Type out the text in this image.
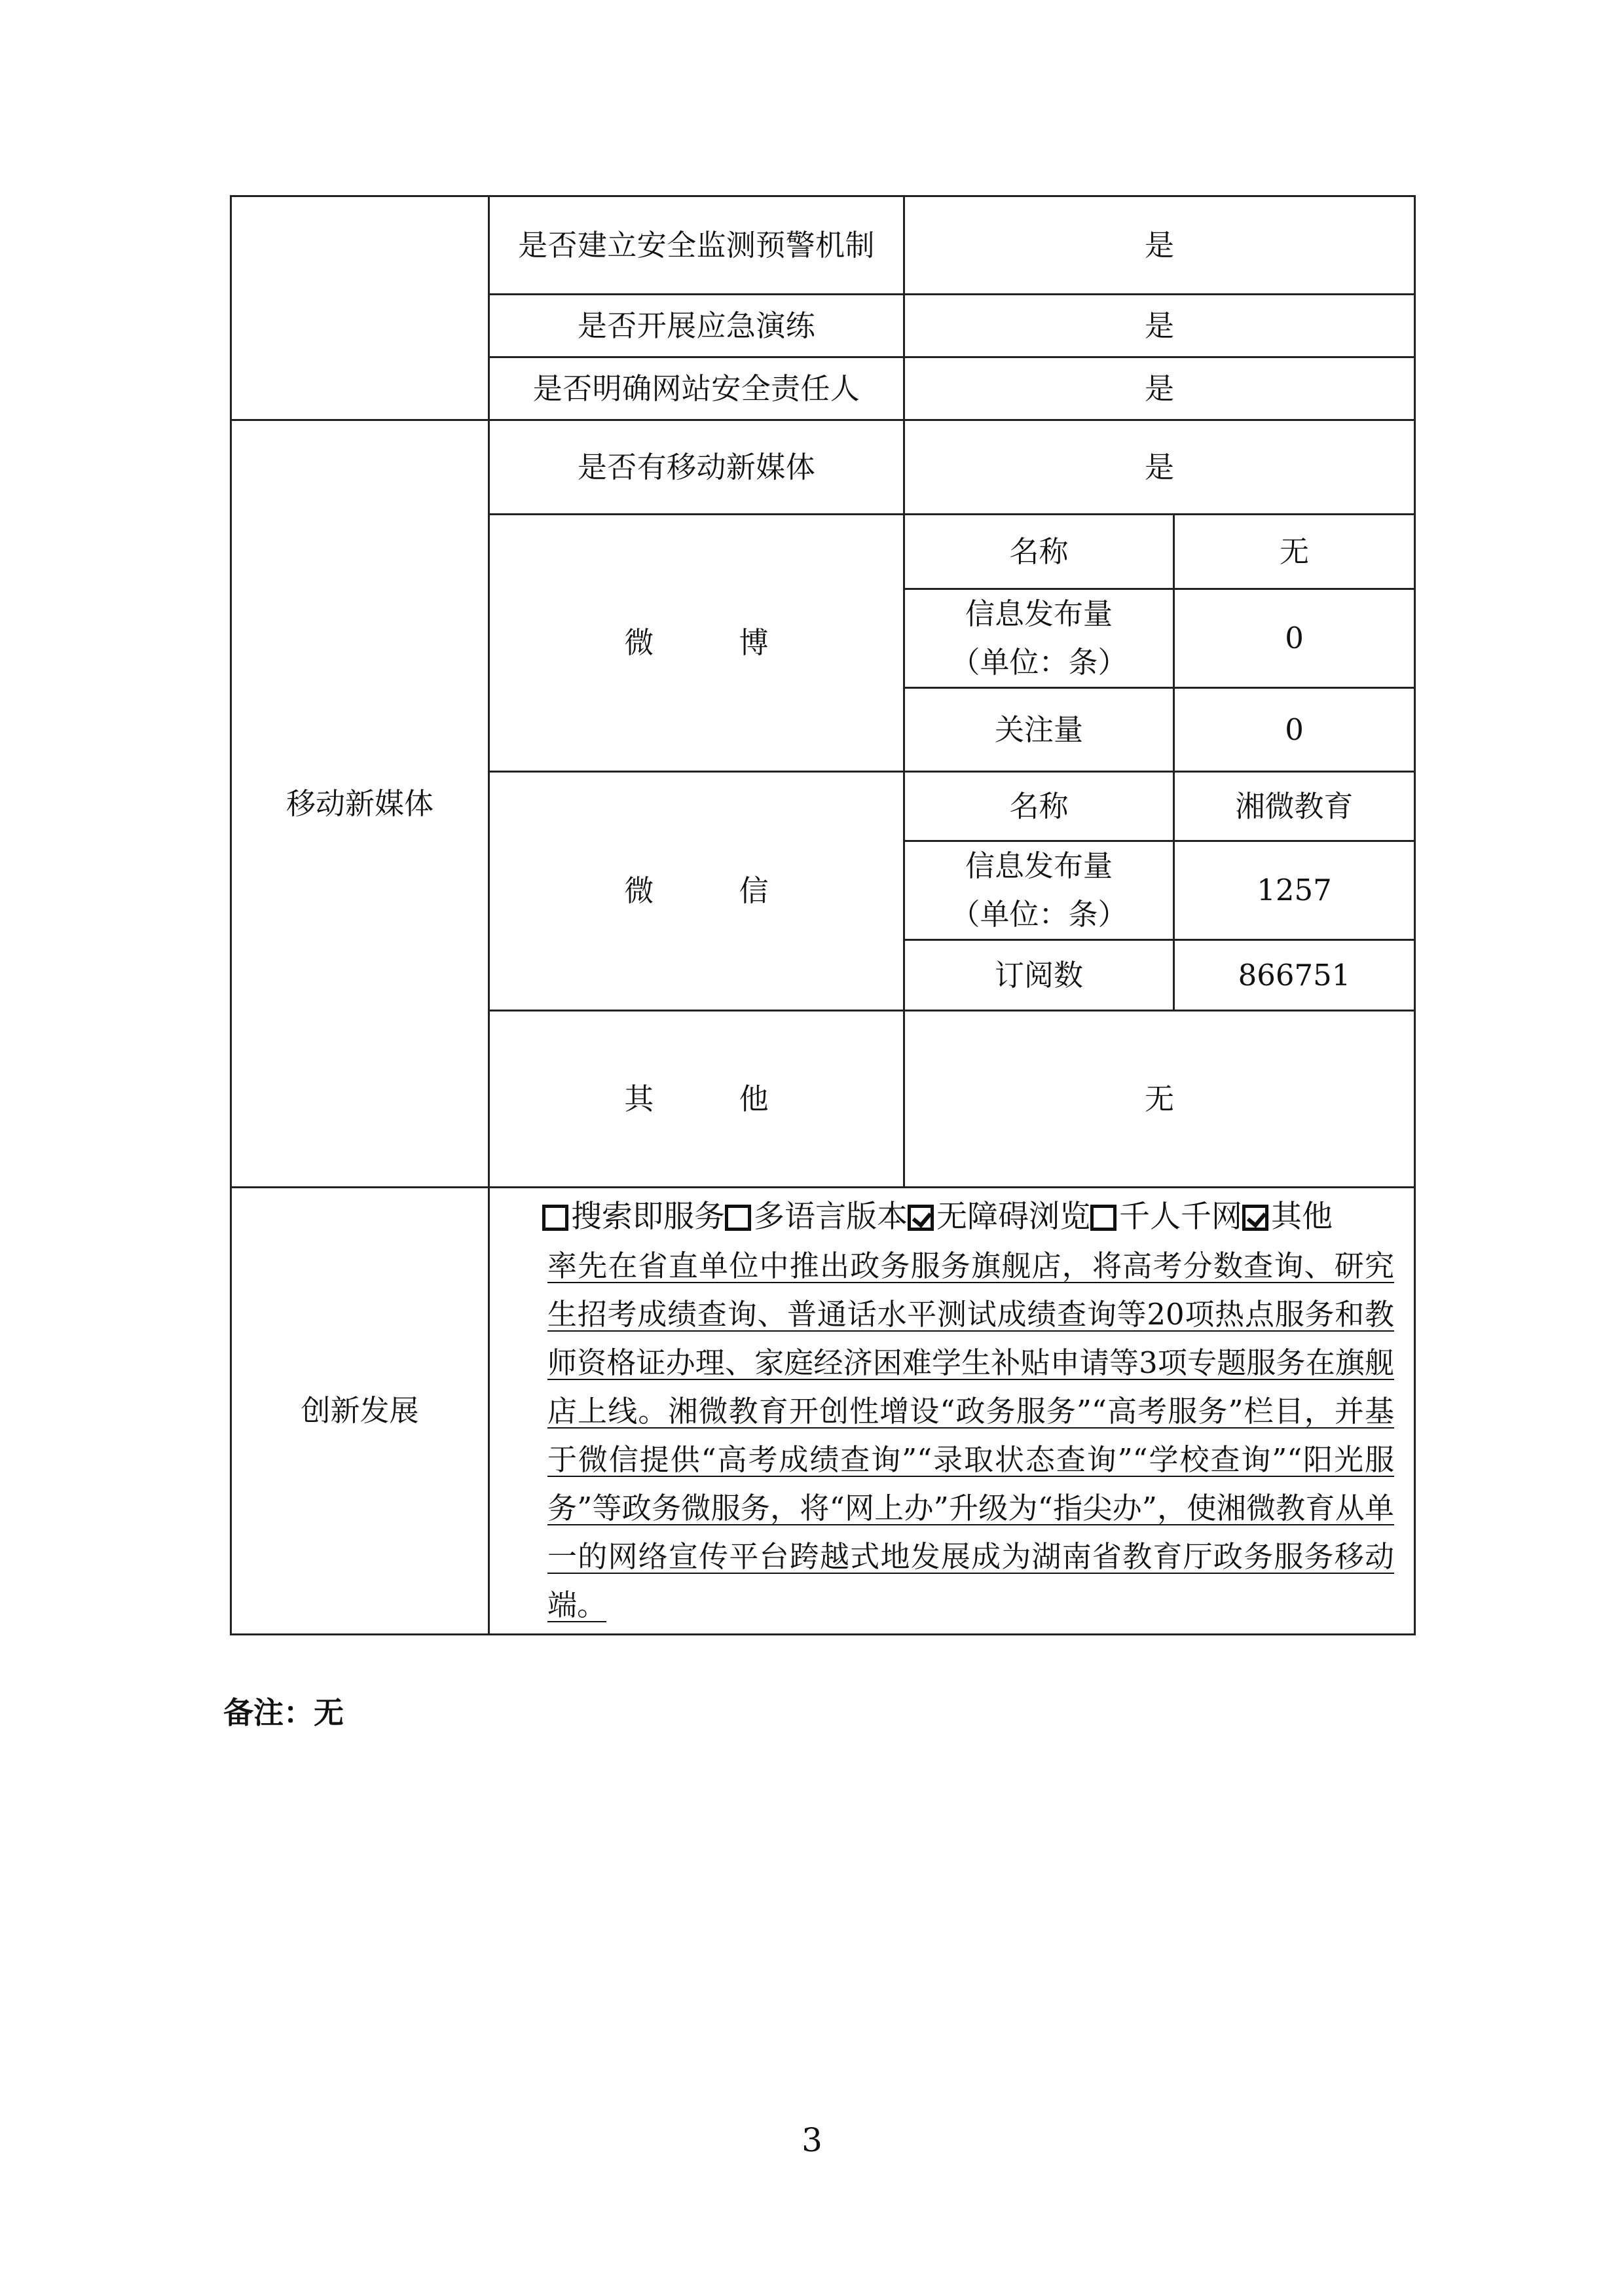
	是否建立安全监测预警机制	是	
	是否开展应急演练	是	
	是否明确网站安全责任人	是	
移动新媒体	是否有移动新媒体	是	
	微 博	名称	无

		信息发布量
（单位：条）	0
		关注量	0
	微 信	名称	湘微教育

		信息发布量
（单位：条）	1257
		订阅数	866751
	其 他	无	
创新发展	搜索即服务 多语言版本 无障碍浏览 千人千网 其他
率先在省直单位中推出政务服务旗舰店，将高考分数查询、研究生招考成绩查询、普通话水平测试成绩查询等20项热点服务和教师资格证办理、家庭经济困难学生补贴申请等3项专题服务在旗舰店上线。湘微教育开创性增设“政务服务”“高考服务”栏目，并基于微信提供“高考成绩查询”“录取状态查询”“学校查询”“阳光服务”等政务微服务，将“网上办”升级为“指尖办”，使湘微教育从单一的网络宣传平台跨越式地发展成为湖南省教育厅政务服务移动端。		
备注：无
3
